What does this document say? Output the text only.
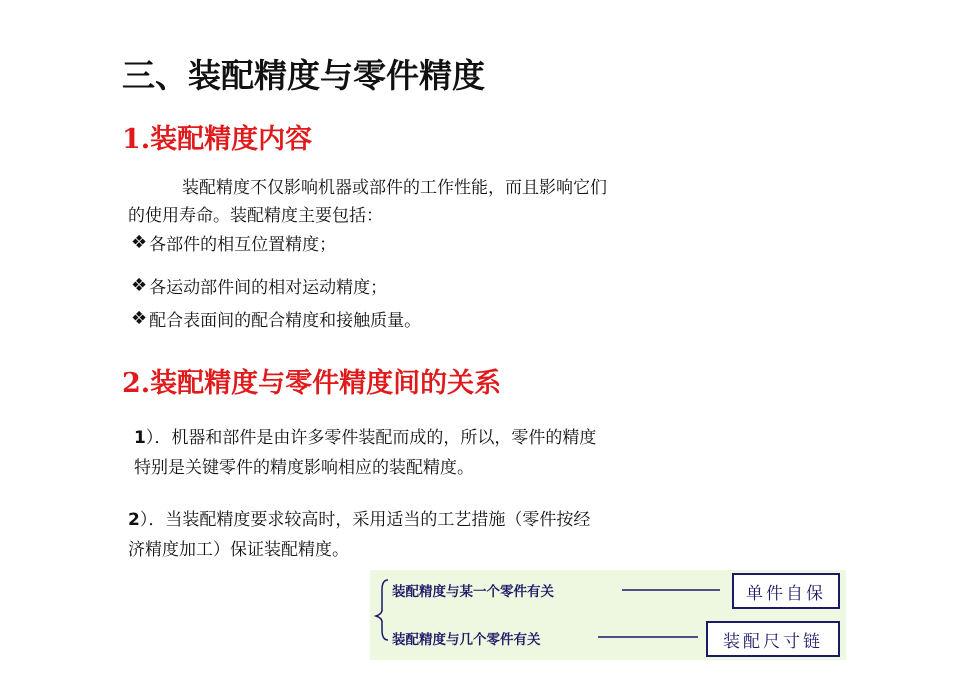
三、装配精度与零件精度
1.装配精度内容
装配精度不仅影响机器或部件的工作性能，而且影响它们
的使用寿命。装配精度主要包括：
❖ 各部件的相互位置精度；
❖ 各运动部件间的相对运动精度；
❖ 配合表面间的配合精度和接触质量。
2.装配精度与零件精度间的关系
1）．机器和部件是由许多零件装配而成的，所以，零件的精度
特别是关键零件的精度影响相应的装配精度。
2）．当装配精度要求较高时，采用适当的工艺措施（零件按经
济精度加工）保证装配精度。
装配精度与某一个零件有关
装配精度与几个零件有关
单件自保
装配尺寸链
